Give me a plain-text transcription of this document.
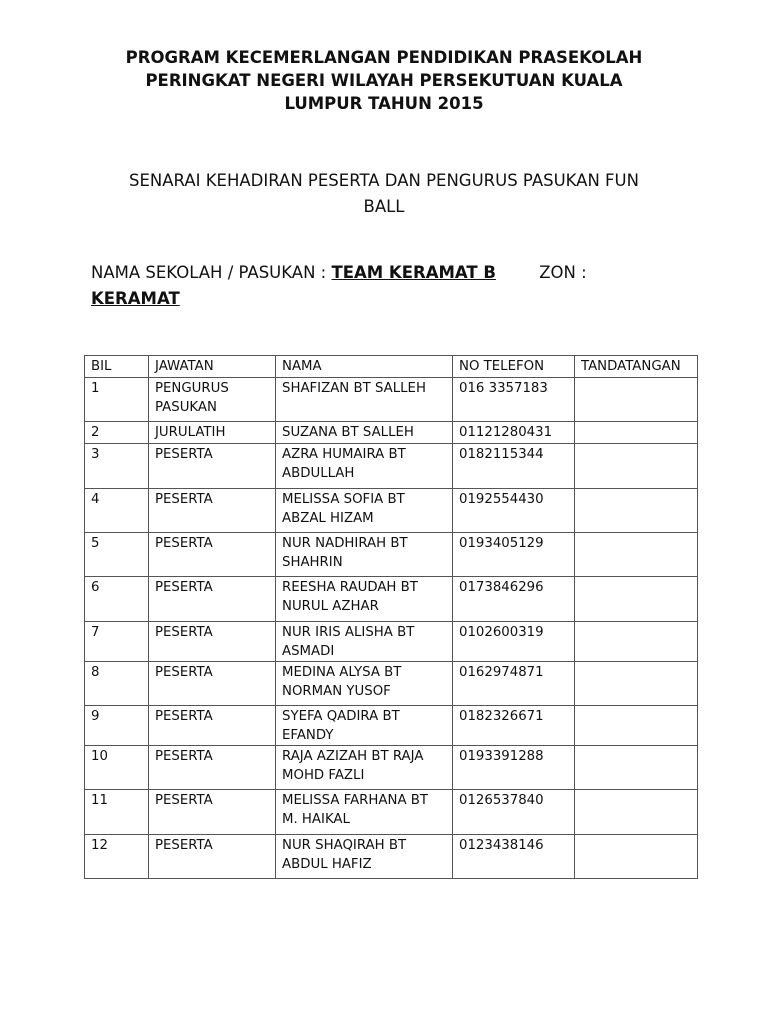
PROGRAM KECEMERLANGAN PENDIDIKAN PRASEKOLAH
PERINGKAT NEGERI WILAYAH PERSEKUTUAN KUALA
LUMPUR TAHUN 2015
SENARAI KEHADIRAN PESERTA DAN PENGURUS PASUKAN FUN
BALL
NAMA SEKOLAH / PASUKAN : TEAM KERAMAT B	ZON :
KERAMAT
BIL	JAWATAN	NAMA	NO TELEFON	TANDATANGAN
1	PENGURUS PASUKAN	SHAFIZAN BT SALLEH	016 3357183	
2	JURULATIH	SUZANA BT SALLEH	01121280431	
3	PESERTA	AZRA HUMAIRA BT ABDULLAH	0182115344	
4	PESERTA	MELISSA SOFIA BT ABZAL HIZAM	0192554430	
5	PESERTA	NUR NADHIRAH BT SHAHRIN	0193405129	
6	PESERTA	REESHA RAUDAH BT NURUL AZHAR	0173846296	
7	PESERTA	NUR IRIS ALISHA BT ASMADI	0102600319	
8	PESERTA	MEDINA ALYSA BT NORMAN YUSOF	0162974871	
9	PESERTA	SYEFA QADIRA BT EFANDY	0182326671	
10	PESERTA	RAJA AZIZAH BT RAJA MOHD FAZLI	0193391288	
11	PESERTA	MELISSA FARHANA BT M. HAIKAL	0126537840	
12	PESERTA	NUR SHAQIRAH BT ABDUL HAFIZ	0123438146	
